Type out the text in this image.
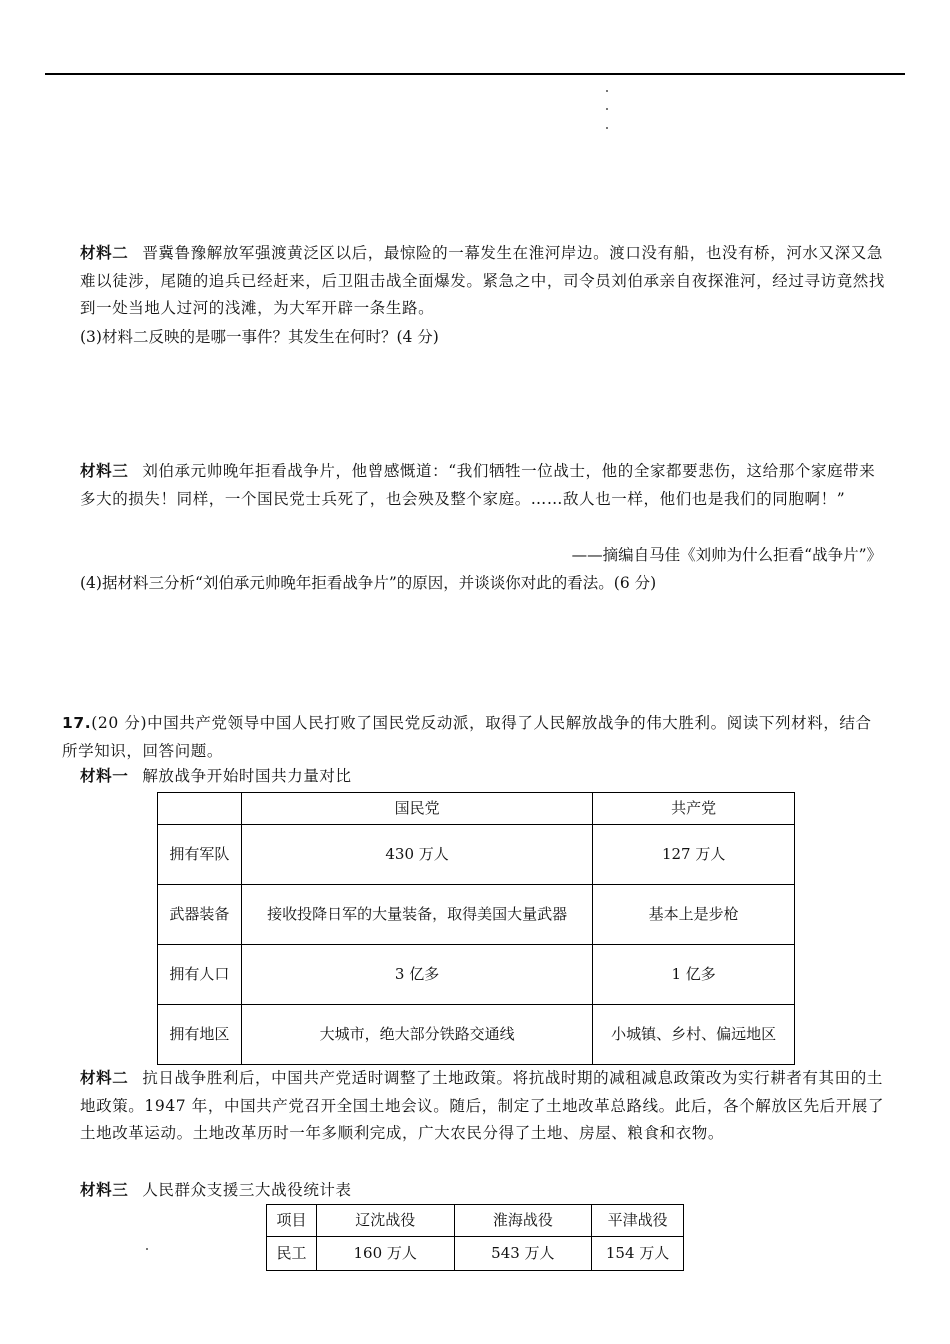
材料二 晋冀鲁豫解放军强渡黄泛区以后，最惊险的一幕发生在淮河岸边。渡口没有船，也没有桥，河水又深又急难以徒涉，尾随的追兵已经赶来，后卫阻击战全面爆发。紧急之中，司令员刘伯承亲自夜探淮河，经过寻访竟然找到一处当地人过河的浅滩，为大军开辟一条生路。
(3)材料二反映的是哪一事件？其发生在何时？(4 分)
材料三 刘伯承元帅晚年拒看战争片，他曾感慨道：“我们牺牲一位战士，他的全家都要悲伤，这给那个家庭带来多大的损失！同样，一个国民党士兵死了，也会殃及整个家庭。……敌人也一样，他们也是我们的同胞啊！”
——摘编自马佳《刘帅为什么拒看“战争片”》
(4)据材料三分析“刘伯承元帅晚年拒看战争片”的原因，并谈谈你对此的看法。(6 分)
17.(20 分)中国共产党领导中国人民打败了国民党反动派，取得了人民解放战争的伟大胜利。阅读下列材料，结合所学知识，回答问题。
材料一 解放战争开始时国共力量对比
	国民党	共产党
拥有军队	430 万人	127 万人
武器装备	接收投降日军的大量装备，取得美国大量武器	基本上是步枪
拥有人口	3 亿多	1 亿多
拥有地区	大城市，绝大部分铁路交通线	小城镇、乡村、偏远地区
材料二 抗日战争胜利后，中国共产党适时调整了土地政策。将抗战时期的减租减息政策改为实行耕者有其田的土地政策。1947 年，中国共产党召开全国土地会议。随后，制定了土地改革总路线。此后，各个解放区先后开展了土地改革运动。土地改革历时一年多顺利完成，广大农民分得了土地、房屋、粮食和衣物。
材料三 人民群众支援三大战役统计表
项目	辽沈战役	淮海战役	平津战役
民工	160 万人	543 万人	154 万人
